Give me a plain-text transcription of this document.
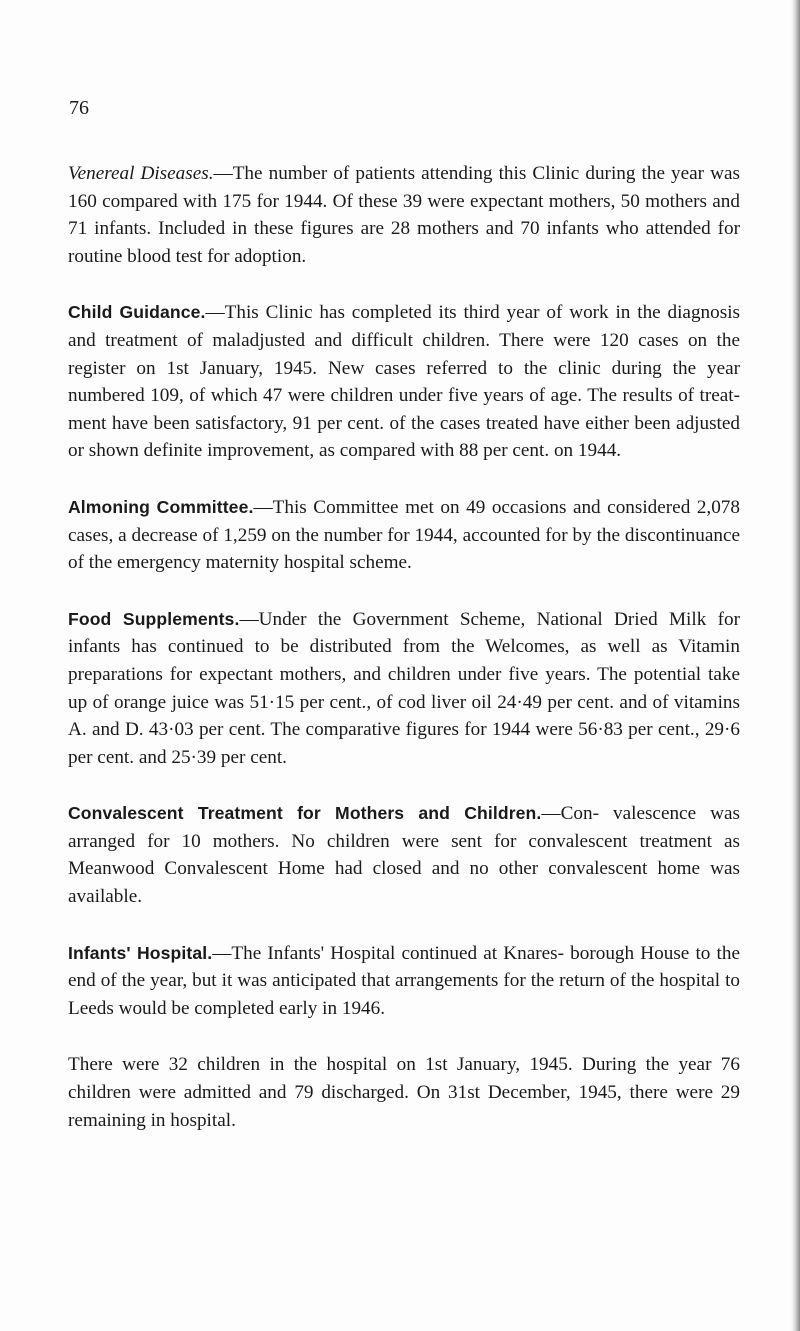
76

Venereal Diseases.—The number of patients attending this Clinic during the year was 160 compared with 175 for 1944. Of these 39 were expectant mothers, 50 mothers and 71 infants. Included in these figures are 28 mothers and 70 infants who attended for routine blood test for adoption.

Child Guidance.—This Clinic has completed its third year of work in the diagnosis and treatment of maladjusted and difficult children. There were 120 cases on the register on 1st January, 1945. New cases referred to the clinic during the year numbered 109, of which 47 were children under five years of age. The results of treat- ment have been satisfactory, 91 per cent. of the cases treated have either been adjusted or shown definite improvement, as compared with 88 per cent. on 1944.

Almoning Committee.—This Committee met on 49 occasions and considered 2,078 cases, a decrease of 1,259 on the number for 1944, accounted for by the discontinuance of the emergency maternity hospital scheme.

Food Supplements.—Under the Government Scheme, National Dried Milk for infants has continued to be distributed from the Welcomes, as well as Vitamin preparations for expectant mothers, and children under five years. The potential take up of orange juice was 51·15 per cent., of cod liver oil 24·49 per cent. and of vitamins A. and D. 43·03 per cent. The comparative figures for 1944 were 56·83 per cent., 29·6 per cent. and 25·39 per cent.

Convalescent Treatment for Mothers and Children.—Con- valescence was arranged for 10 mothers. No children were sent for convalescent treatment as Meanwood Convalescent Home had closed and no other convalescent home was available.

Infants' Hospital.—The Infants' Hospital continued at Knares- borough House to the end of the year, but it was anticipated that arrangements for the return of the hospital to Leeds would be completed early in 1946.

There were 32 children in the hospital on 1st January, 1945. During the year 76 children were admitted and 79 discharged. On 31st December, 1945, there were 29 remaining in hospital.
